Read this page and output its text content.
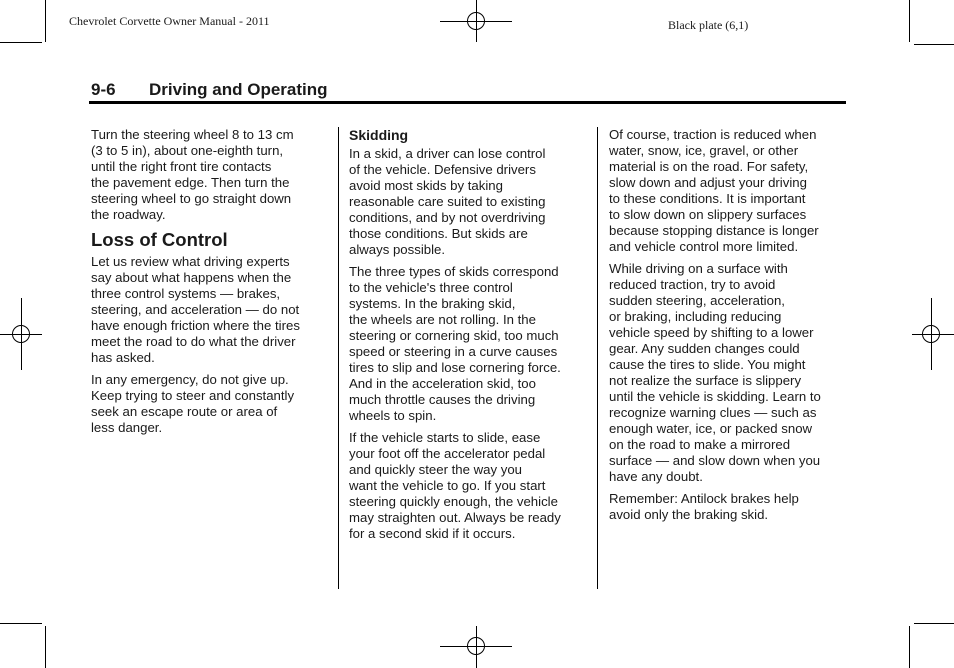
Chevrolet Corvette Owner Manual - 2011	Black plate (6,1)
9-6 Driving and Operating

Turn the steering wheel 8 to 13 cm
(3 to 5 in), about one-eighth turn,
until the right front tire contacts
the pavement edge. Then turn the
steering wheel to go straight down
the roadway.

Loss of Control

Let us review what driving experts
say about what happens when the
three control systems — brakes,
steering, and acceleration — do not
have enough friction where the tires
meet the road to do what the driver
has asked.

In any emergency, do not give up.
Keep trying to steer and constantly
seek an escape route or area of
less danger.

Skidding

In a skid, a driver can lose control
of the vehicle. Defensive drivers
avoid most skids by taking
reasonable care suited to existing
conditions, and by not overdriving
those conditions. But skids are
always possible.

The three types of skids correspond
to the vehicle's three control
systems. In the braking skid,
the wheels are not rolling. In the
steering or cornering skid, too much
speed or steering in a curve causes
tires to slip and lose cornering force.
And in the acceleration skid, too
much throttle causes the driving
wheels to spin.

If the vehicle starts to slide, ease
your foot off the accelerator pedal
and quickly steer the way you
want the vehicle to go. If you start
steering quickly enough, the vehicle
may straighten out. Always be ready
for a second skid if it occurs.

Of course, traction is reduced when
water, snow, ice, gravel, or other
material is on the road. For safety,
slow down and adjust your driving
to these conditions. It is important
to slow down on slippery surfaces
because stopping distance is longer
and vehicle control more limited.

While driving on a surface with
reduced traction, try to avoid
sudden steering, acceleration,
or braking, including reducing
vehicle speed by shifting to a lower
gear. Any sudden changes could
cause the tires to slide. You might
not realize the surface is slippery
until the vehicle is skidding. Learn to
recognize warning clues — such as
enough water, ice, or packed snow
on the road to make a mirrored
surface — and slow down when you
have any doubt.

Remember: Antilock brakes help
avoid only the braking skid.
